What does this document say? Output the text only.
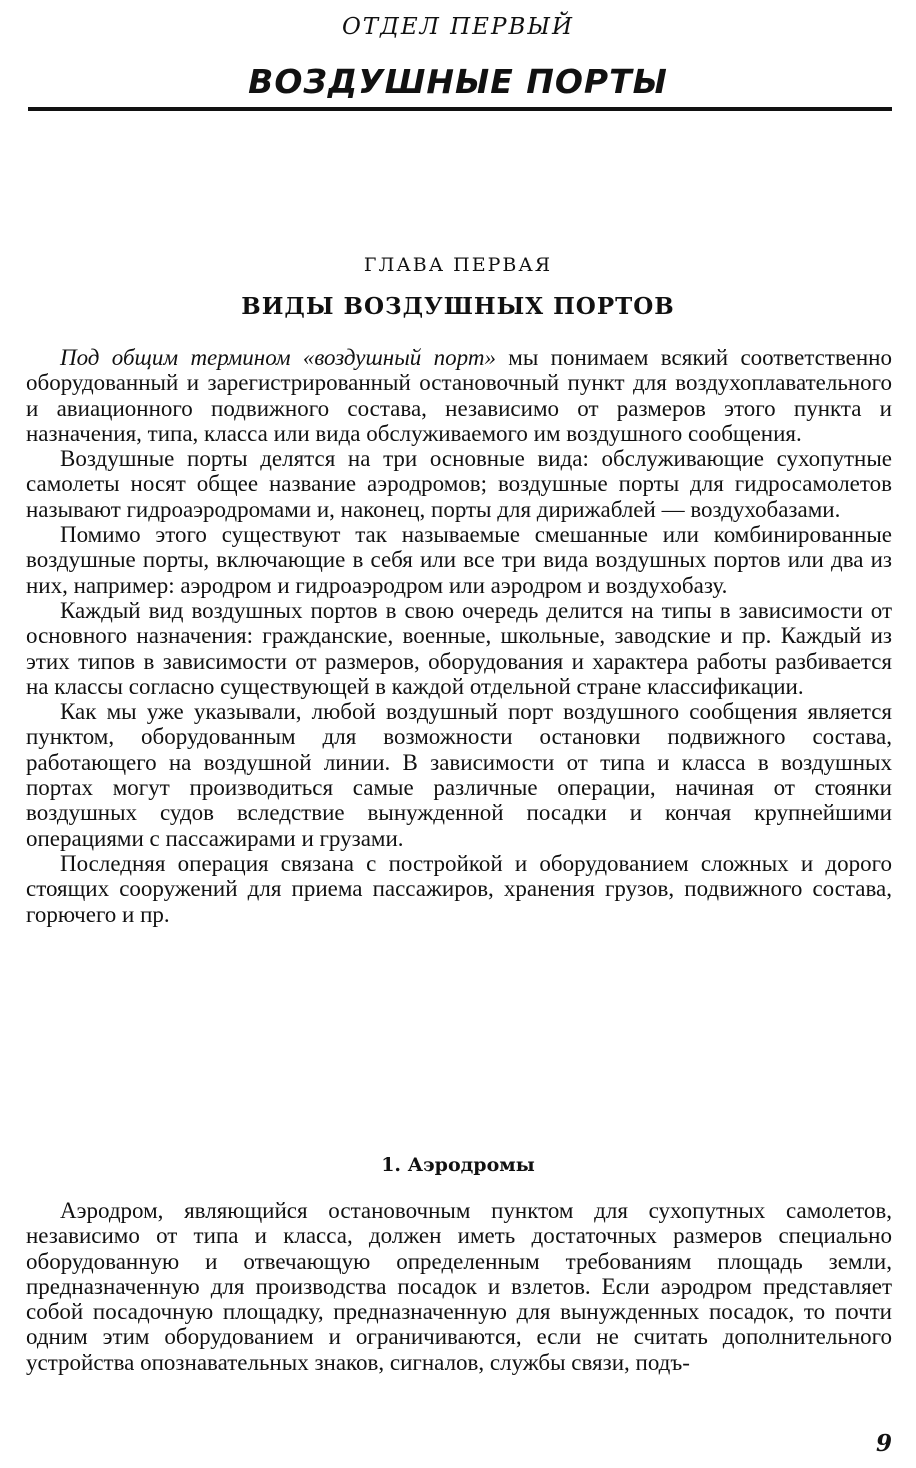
ОТДЕЛ ПЕРВЫЙ
ВОЗДУШНЫЕ ПОРТЫ
ГЛАВА ПЕРВАЯ
ВИДЫ ВОЗДУШНЫХ ПОРТОВ

Под общим термином «воздушный порт» мы понимаем всякий соответственно оборудованный и зарегистрированный остановочный пункт для воздухоплавательного и авиационного подвижного состава, независимо от размеров этого пункта и назначения, типа, класса или вида обслуживаемого им воздушного сообщения.

Воздушные порты делятся на три основные вида: обслуживающие сухопутные самолеты носят общее название аэродромов; воздушные порты для гидросамолетов называют гидроаэродромами и, наконец, порты для дирижаблей — воздухобазами.

Помимо этого существуют так называемые смешанные или комбинированные воздушные порты, включающие в себя или все три вида воздушных портов или два из них, например: аэродром и гидроаэродром или аэродром и воздухобазу.

Каждый вид воздушных портов в свою очередь делится на типы в зависимости от основного назначения: гражданские, военные, школьные, заводские и пр. Каждый из этих типов в зависимости от размеров, оборудования и характера работы разбивается на классы согласно существующей в каждой отдельной стране классификации.

Как мы уже указывали, любой воздушный порт воздушного сообщения является пунктом, оборудованным для возможности остановки подвижного состава, работающего на воздушной линии. В зависимости от типа и класса в воздушных портах могут производиться самые различные операции, начиная от стоянки воздушных судов вследствие вынужденной посадки и кончая крупнейшими операциями с пассажирами и грузами.

Последняя операция связана с постройкой и оборудованием сложных и дорого стоящих сооружений для приема пассажиров, хранения грузов, подвижного состава, горючего и пр.

1. Аэродромы

Аэродром, являющийся остановочным пунктом для сухопутных самолетов, независимо от типа и класса, должен иметь достаточных размеров специально оборудованную и отвечающую определенным требованиям площадь земли, предназначенную для производства посадок и взлетов. Если аэродром представляет собой посадочную площадку, предназначенную для вынужденных посадок, то почти одним этим оборудованием и ограничиваются, если не считать дополнительного устройства опознавательных знаков, сигналов, службы связи, подъ-

9
